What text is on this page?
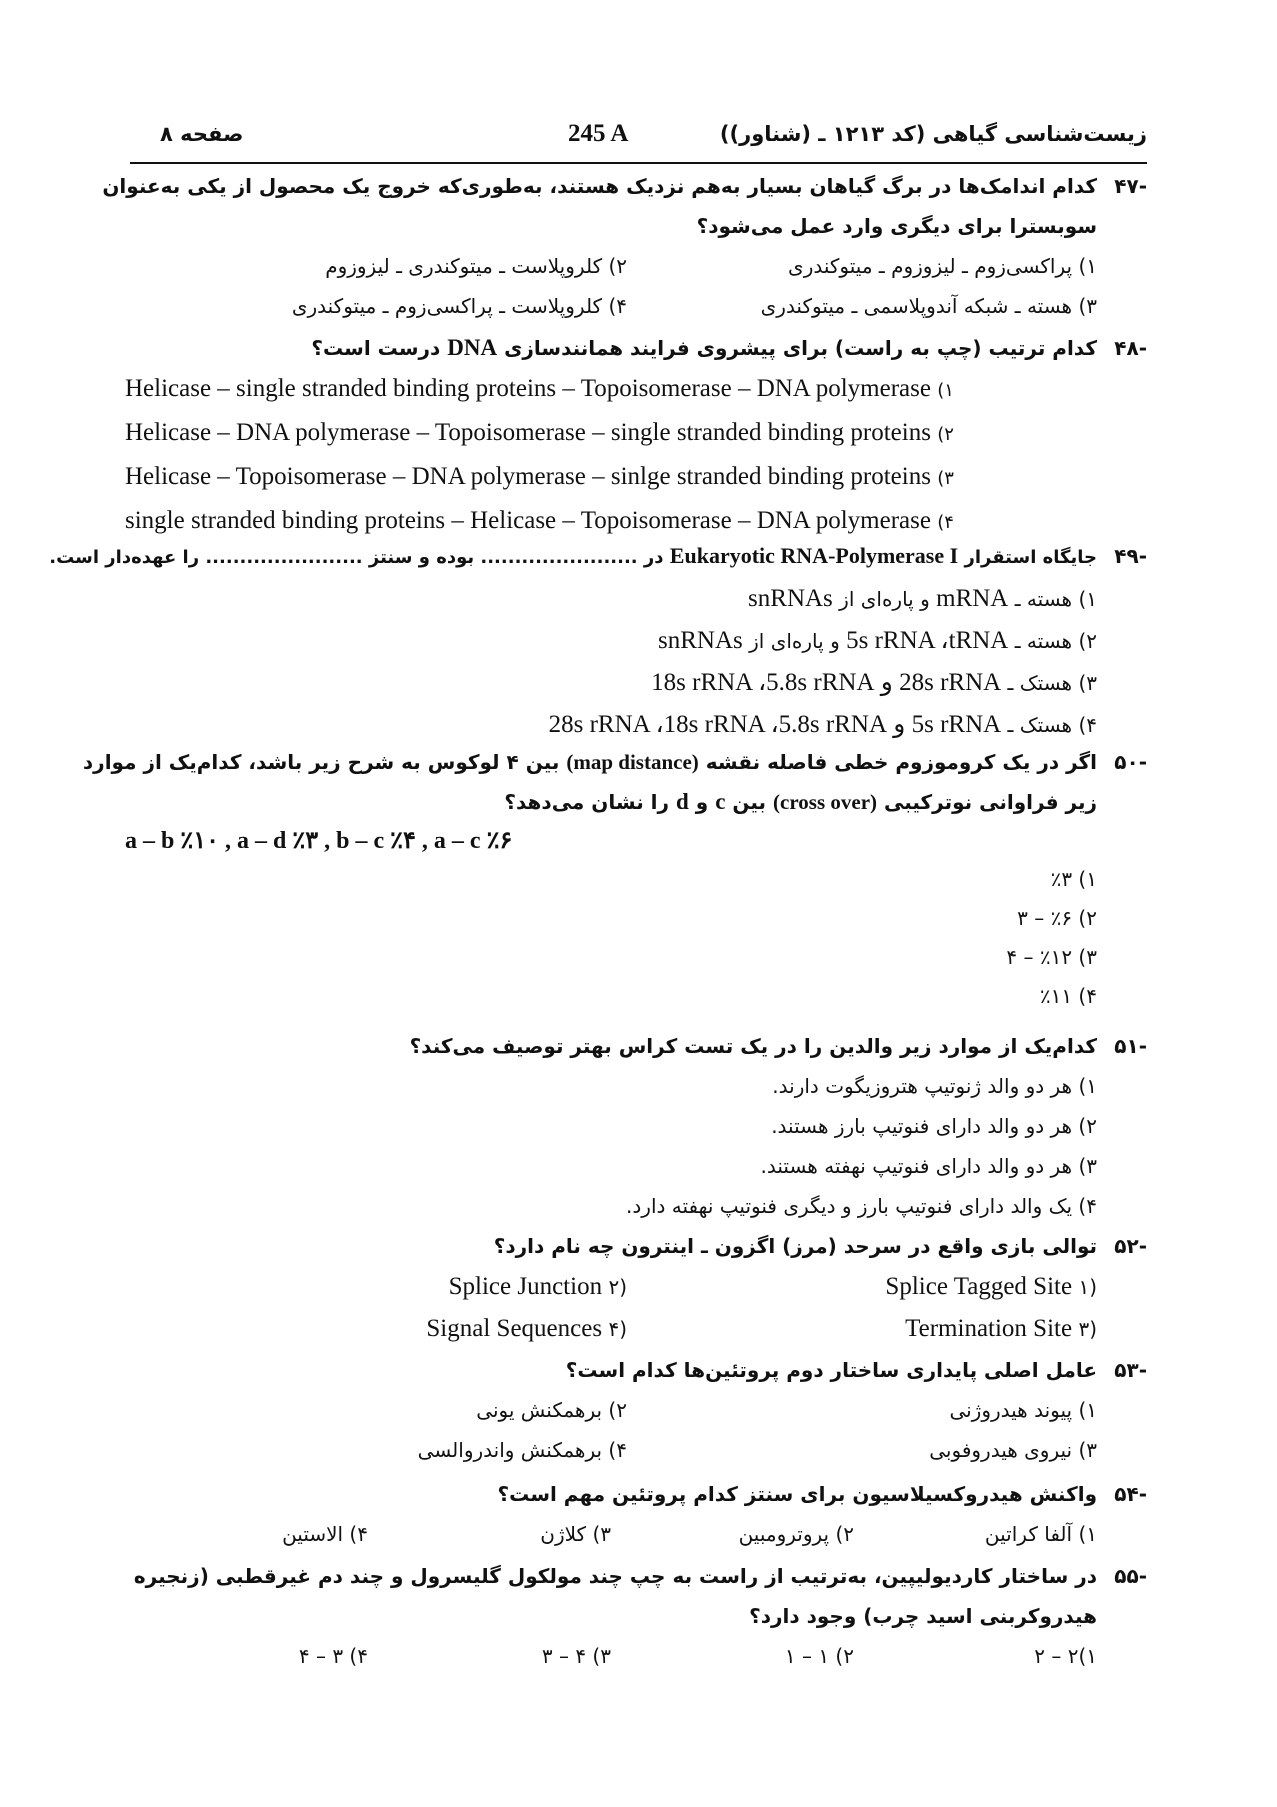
زیست‌شناسی گیاهی (کد ۱۲۱۳ ـ (شناور))
245 A
صفحه ۸
-۴۷
کدام اندامک‌ها در برگ گیاهان بسیار به‌هم نزدیک هستند، به‌طوری‌که خروج یک محصول از یکی به‌عنوان
سوبسترا برای دیگری وارد عمل می‌شود؟
۱) پراکسی‌زوم ـ لیزوزوم ـ میتوکندری
۲) کلروپلاست ـ میتوکندری ـ لیزوزوم
۳) هسته ـ شبکه آندوپلاسمی ـ میتوکندری
۴) کلروپلاست ـ پراکسی‌زوم ـ میتوکندری
-۴۸
کدام ترتیب (چپ به راست) برای پیشروی فرایند همانندسازی DNA درست است؟
Helicase – single stranded binding proteins – Topoisomerase – DNA polymerase (۱
Helicase – DNA polymerase – Topoisomerase – single stranded binding proteins (۲
Helicase – Topoisomerase – DNA polymerase – sinlge stranded binding proteins (۳
single stranded binding proteins – Helicase – Topoisomerase – DNA polymerase (۴
-۴۹
جایگاه استقرار Eukaryotic RNA-Polymerase I در ....................... بوده و سنتز ....................... را عهده‌دار است.
۱) هسته ـ mRNA و پاره‌ای از snRNAs
۲) هسته ـ 5s rRNA ،tRNA و پاره‌ای از snRNAs
۳) هستک ـ 28s rRNA و 18s rRNA ،5.8s rRNA
۴) هستک ـ 5s rRNA و 28s rRNA ،18s rRNA ،5.8s rRNA
-۵۰
اگر در یک کروموزوم خطی فاصله نقشه (map distance) بین ۴ لوکوس به شرح زیر باشد، کدام‌یک از موارد
زیر فراوانی نوترکیبی (cross over) بین c و d را نشان می‌دهد؟
a – b ٪۱۰ , a – d ٪۳ , b – c ٪۴ , a – c ٪۶
۱) ٪۳
۲) ٪۶ – ۳
۳) ٪۱۲ – ۴
۴) ٪۱۱
-۵۱
کدام‌یک از موارد زیر والدین را در یک تست کراس بهتر توصیف می‌کند؟
۱) هر دو والد ژنوتیپ هتروزیگوت دارند.
۲) هر دو والد دارای فنوتیپ بارز هستند.
۳) هر دو والد دارای فنوتیپ نهفته هستند.
۴) یک والد دارای فنوتیپ بارز و دیگری فنوتیپ نهفته دارد.
-۵۲
توالی بازی واقع در سرحد (مرز) اگزون ـ اینترون چه نام دارد؟
(۱ Splice Tagged Site
(۲ Splice Junction
(۳ Termination Site
(۴ Signal Sequences
-۵۳
عامل اصلی پایداری ساختار دوم پروتئین‌ها کدام است؟
۱) پیوند هیدروژنی
۲) برهمکنش یونی
۳) نیروی هیدروفوبی
۴) برهمکنش واندروالسی
-۵۴
واکنش هیدروکسیلاسیون برای سنتز کدام پروتئین مهم است؟
۱) آلفا کراتین
۲) پروترومبین
۳) کلاژن
۴) الاستین
-۵۵
در ساختار کاردیولیپین، به‌ترتیب از راست به چپ چند مولکول گلیسرول و چند دم غیرقطبی (زنجیره
هیدروکربنی اسید چرب) وجود دارد؟
۱)۲ – ۲
۲) ۱ – ۱
۳) ۴ – ۳
۴) ۳ – ۴
